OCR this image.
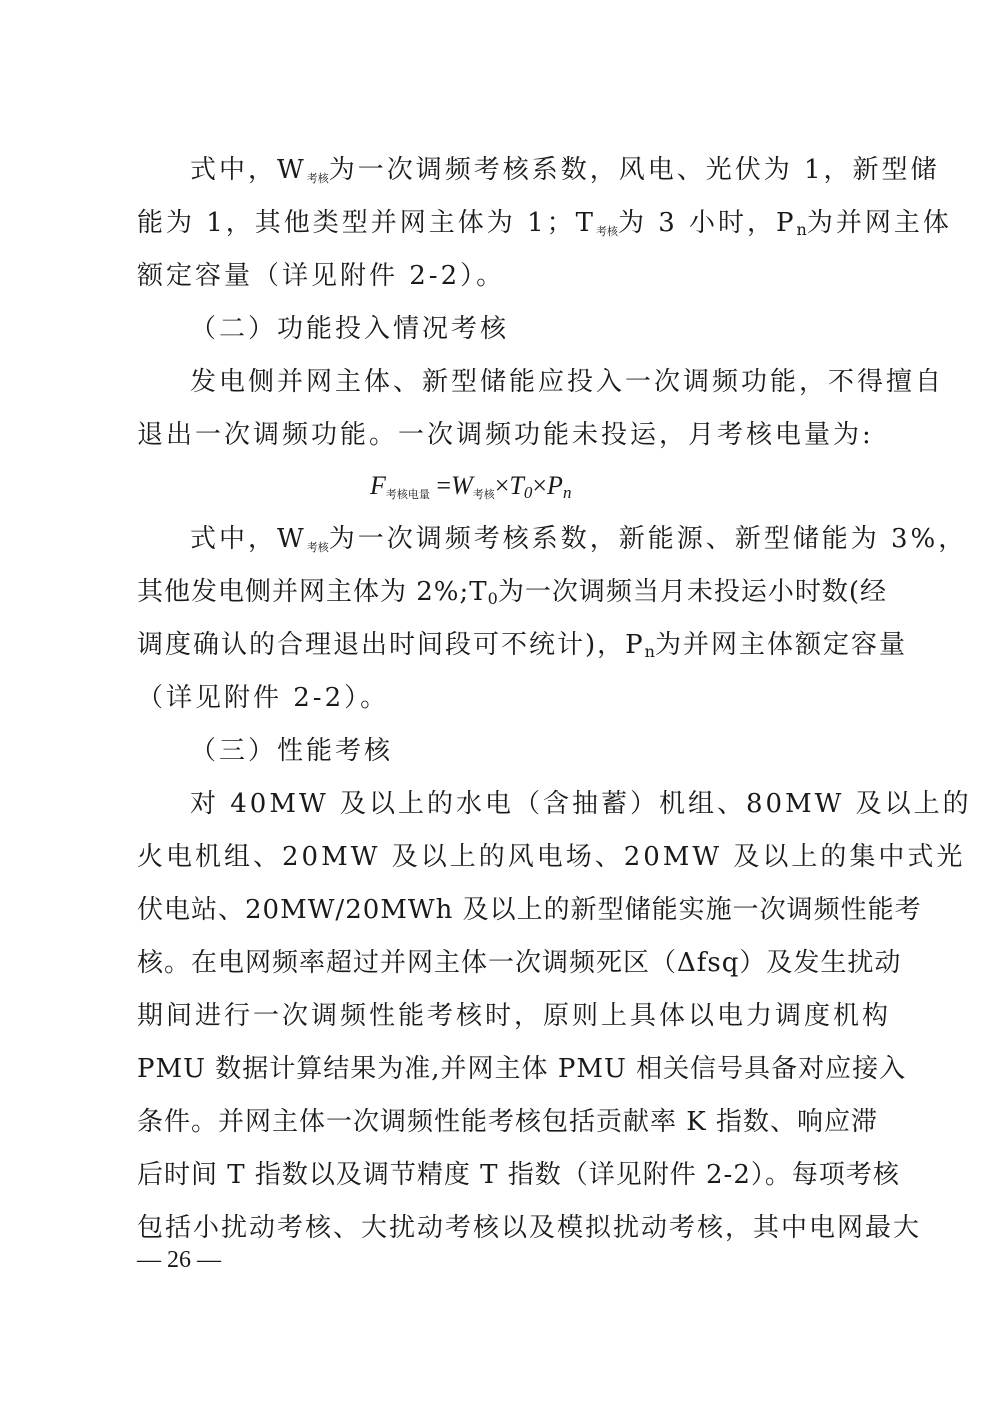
式中，$W_{考核}$为一次调频考核系数，风电、光伏为 1，新型储
能为 1，其他类型并网主体为 1；$T_{考核}$为 3 小时，$P_n$为并网主体
额定容量（详见附件 2-2）。
（二）功能投入情况考核
发电侧并网主体、新型储能应投入一次调频功能，不得擅自
退出一次调频功能。一次调频功能未投运，月考核电量为:
$F_{考核电量} =W_{考核}\times T0\times Pn$
式中，$W_{考核}$为一次调频考核系数，新能源、新型储能为 3%，
其他发电侧并网主体为 $2\%;T_0$为一次调频当月未投运小时数(经
调度确认的合理退出时间段可不统计)，$P_n$为并网主体额定容量
（详见附件 2-2）。
（三）性能考核
对 40MW 及以上的水电（含抽蓄）机组、80MW 及以上的
火电机组、20MW 及以上的风电场、20MW 及以上的集中式光
伏电站、20MW/20MWh 及以上的新型储能实施一次调频性能考
核。在电网频率超过并网主体一次调频死区（Δfsq）及发生扰动
期间进行一次调频性能考核时，原则上具体以电力调度机构
PMU 数据计算结果为准,并网主体 PMU 相关信号具备对应接入
条件。并网主体一次调频性能考核包括贡献率 K 指数、响应滞
后时间 T 指数以及调节精度 T 指数（详见附件 2-2）。每项考核
包括小扰动考核、大扰动考核以及模拟扰动考核，其中电网最大
— 26 —
